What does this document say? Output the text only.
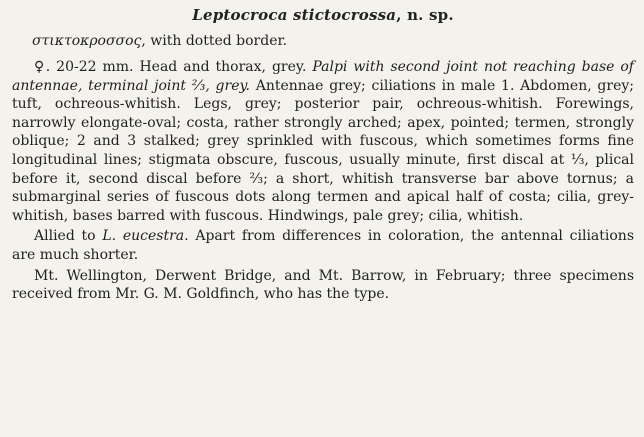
Leptocroca stictocrossa, n. sp.

στικτοκροσσος, with dotted border.

♀. 20-22 mm. Head and thorax, grey. Palpi with second joint not reaching base of antennae, terminal joint ⅔, grey. Antennae grey; ciliations in male 1. Abdomen, grey; tuft, ochreous-whitish. Legs, grey; posterior pair, ochreous-whitish. Forewings, narrowly elongate-oval; costa, rather strongly arched; apex, pointed; termen, strongly oblique; 2 and 3 stalked; grey sprinkled with fuscous, which sometimes forms fine longitudinal lines; stigmata obscure, fuscous, usually minute, first discal at ⅓, plical before it, second discal before ⅔; a short, whitish transverse bar above tornus; a submarginal series of fuscous dots along termen and apical half of costa; cilia, grey-whitish, bases barred with fuscous. Hindwings, pale grey; cilia, whitish.

Allied to L. eucestra. Apart from differences in coloration, the antennal ciliations are much shorter.

Mt. Wellington, Derwent Bridge, and Mt. Barrow, in February; three specimens received from Mr. G. M. Goldfinch, who has the type.
